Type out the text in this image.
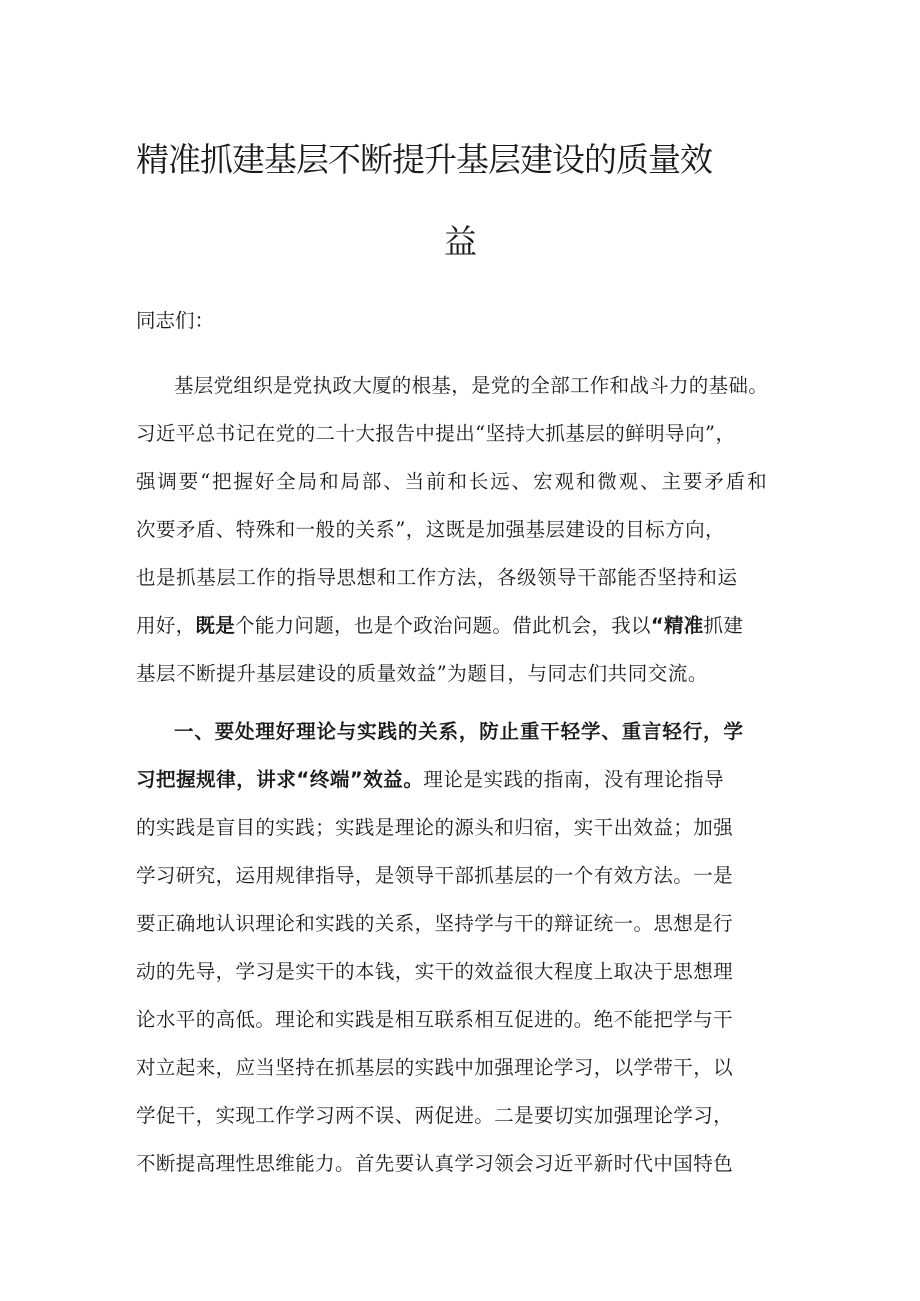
精准抓建基层不断提升基层建设的质量效
益
同志们：
基层党组织是党执政大厦的根基，是党的全部工作和战斗力的基础。
习近平总书记在党的二十大报告中提出“坚持大抓基层的鲜明导向”，
强调要“把握好全局和局部、当前和长远、宏观和微观、主要矛盾和
次要矛盾、特殊和一般的关系”，这既是加强基层建设的目标方向，
也是抓基层工作的指导思想和工作方法，各级领导干部能否坚持和运
用好，既是个能力问题，也是个政治问题。借此机会，我以“精准抓建
基层不断提升基层建设的质量效益”为题目，与同志们共同交流。
一、要处理好理论与实践的关系，防止重干轻学、重言轻行，学
习把握规律，讲求“终端”效益。理论是实践的指南，没有理论指导
的实践是盲目的实践；实践是理论的源头和归宿，实干出效益；加强
学习研究，运用规律指导，是领导干部抓基层的一个有效方法。一是
要正确地认识理论和实践的关系，坚持学与干的辩证统一。思想是行
动的先导，学习是实干的本钱，实干的效益很大程度上取决于思想理
论水平的高低。理论和实践是相互联系相互促进的。绝不能把学与干
对立起来，应当坚持在抓基层的实践中加强理论学习，以学带干，以
学促干，实现工作学习两不误、两促进。二是要切实加强理论学习，
不断提高理性思维能力。首先要认真学习领会习近平新时代中国特色
